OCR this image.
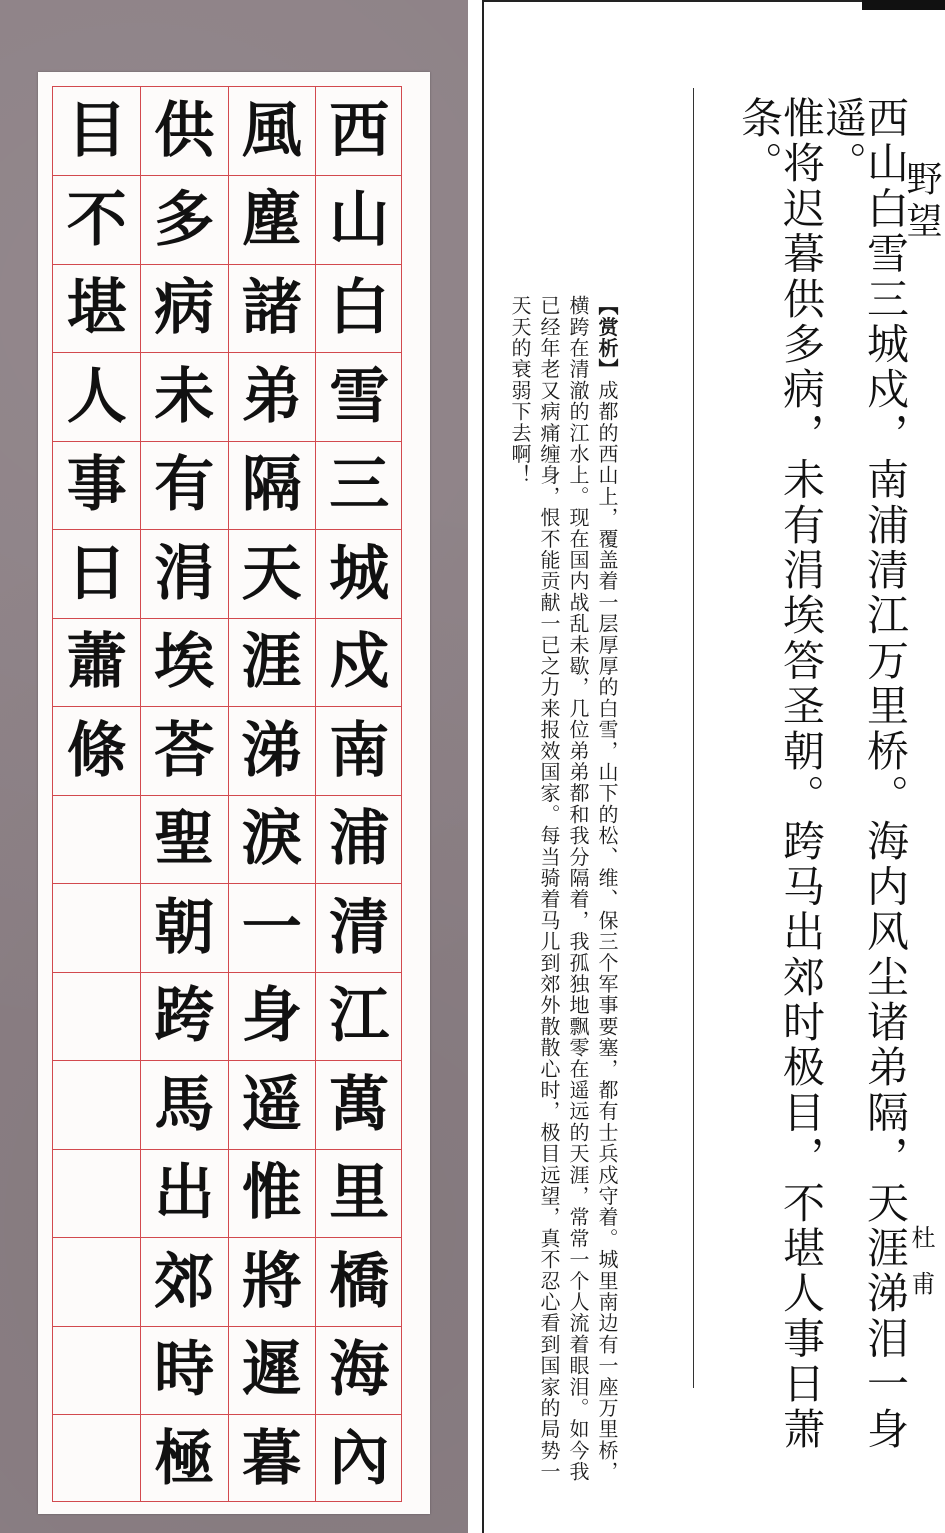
西
山
白
雪
三
城
戍
南
浦
清
江
萬
里
橋
海
內
風
塵
諸
弟
隔
天
涯
涕
淚
一
身
遥
惟
將
遲
暮
供
多
病
未
有
涓
埃
荅
聖
朝
跨
馬
出
郊
時
極
目
不
堪
人
事
日
蕭
條
野望
杜甫
西山白雪三城戍，南浦清江万里桥。海内风尘诸弟隔，天涯涕泪一身遥。
惟将迟暮供多病，未有涓埃答圣朝。跨马出郊时极目，不堪人事日萧条。
【赏析】成都的西山上，覆盖着一层厚厚的白雪，山下的松、维、保三个军事要塞，都有士兵戍守着。城里南边有一座万里桥，横跨在清澈的江水上。现在国内战乱未歇，几位弟弟都和我分隔着，我孤独地飘零在遥远的天涯，常常一个人流着眼泪。如今我已经年老又病痛缠身，恨不能贡献一已之力来报效国家。每当骑着马儿到郊外散散心时，极目远望，真不忍心看到国家的局势一天天的衰弱下去啊！
